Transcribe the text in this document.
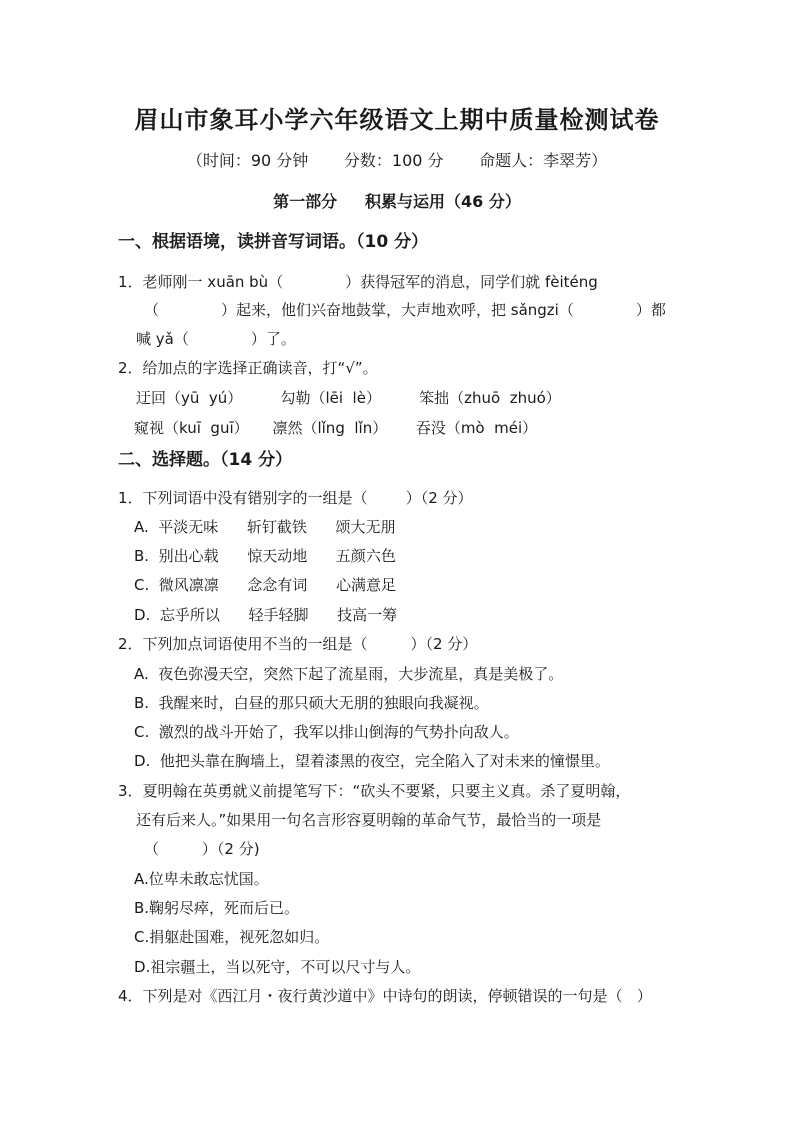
眉山市象耳小学六年级语文上期中质量检测试卷
（时间：90 分钟       分数：100 分       命题人：李翠芳）
第一部分     积累与运用（46 分）
一、根据语境，读拼音写词语。（10 分）
1．老师刚一 xuān bù（             ）获得冠军的消息，同学们就 fèiténg
（             ）起来，他们兴奋地鼓掌，大声地欢呼，把 sǎngzi（             ）都
喊 yǎ（             ）了。
2．给加点的字选择正确读音，打“√”。
迂回（yū  yú）        勾勒（lēi  lè）        笨拙（zhuō  zhuó）
窥视（kuī  guī）     凛然（lǐng  lǐn）      吞没（mò  méi）
二、选择题。（14 分）
1．下列词语中没有错别字的一组是（        ）（2 分）
A.  平淡无味      斩钉截铁      颂大无朋
B.  别出心载      惊天动地      五颜六色
C.  微风凛凛      念念有词      心满意足
D.  忘乎所以      轻手轻脚      技高一筹
2．下列加点词语使用不当的一组是（         ）（2 分）
A.  夜色弥漫天空，突然下起了流星雨，大步流星，真是美极了。
B.  我醒来时，白昼的那只硕大无朋的独眼向我凝视。
C.  激烈的战斗开始了，我军以排山倒海的气势扑向敌人。
D.  他把头靠在胸墙上，望着漆黑的夜空，完全陷入了对未来的憧憬里。
3．夏明翰在英勇就义前提笔写下：“砍头不要紧，只要主义真。杀了夏明翰，
还有后来人。”如果用一句名言形容夏明翰的革命气节，最恰当的一项是
（         ）（2 分)
A.位卑未敢忘忧国。
B.鞠躬尽瘁，死而后已。
C.捐躯赴国难，视死忽如归。
D.祖宗疆土，当以死守，不可以尺寸与人。
4．下列是对《西江月・夜行黄沙道中》中诗句的朗读，停顿错误的一句是（   ）
